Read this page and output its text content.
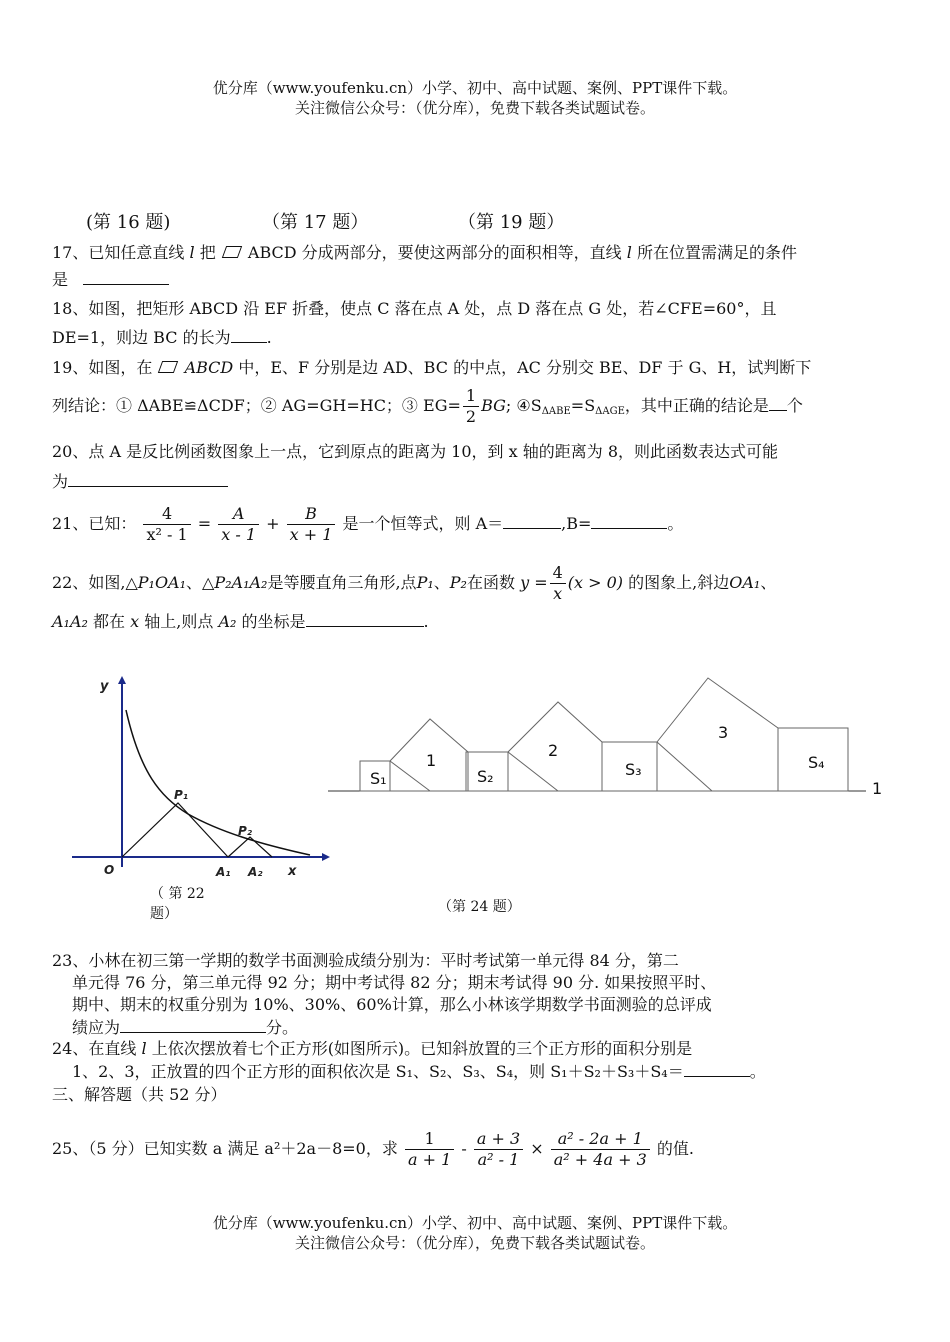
优分库（www.youfenku.cn）小学、初中、高中试题、案例、PPT课件下载。
关注微信公众号：（优分库），免费下载各类试题试卷。
(第 16 题)	（第 17 题）	（第 19 题）
17、已知任意直线 l 把 ABCD 分成两部分，要使这两部分的面积相等，直线 l 所在位置需满足的条件
是
18、如图，把矩形 ABCD 沿 EF 折叠，使点 C 落在点 A 处，点 D 落在点 G 处，若∠CFE=60°，且
DE=1，则边 BC 的长为 .
19、如图，在 ABCD 中，E、F 分别是边 AD、BC 的中点，AC 分别交 BE、DF 于 G、H，试判断下
列结论：① ΔABE≌ΔCDF；② AG=GH=HC；③ $EG= \frac{1}{2}$ BG; $④S_{\Delta ABE}=S_{\Delta AGE}$，其中正确的结论是 个
20、点 A 是反比例函数图象上一点，它到原点的距离为 10，到 x 轴的距离为 8，则此函数表达式可能
为
21、已知： $\frac{4}{\text{x² - 1}} = \frac{A}{x - 1} + \frac{B}{x + 1}$ 是一个恒等式，则 A＝	,B=	。
22、如图,△P₁OA₁、△P₂A₁A₂是等腰直角三角形,点P₁、P₂在函数 $y = \frac{4}{x} (x > 0)$ 的图象上,斜边OA₁、
A₁A₂ 都在 x 轴上,则点 A₂ 的坐标是	.
y
x
O
P₁
P₂
A₁ A₂
（ 第 22
题）
S₁
1
S₂
2
S₃
3
S₄
1
（第 24 题）
23、小林在初三第一学期的数学书面测验成绩分别为：平时考试第一单元得 84 分，第二
单元得 76 分，第三单元得 92 分；期中考试得 82 分；期末考试得 90 分. 如果按照平时、
期中、期末的权重分别为 10%、30%、60%计算，那么小林该学期数学书面测验的总评成
绩应为	分。
24、在直线 l 上依次摆放着七个正方形(如图所示)。已知斜放置的三个正方形的面积分别是
1、2、3，正放置的四个正方形的面积依次是 S₁、S₂、S₃、S₄，则 S₁＋S₂＋S₃＋S₄＝	。
三、解答题（共 52 分）
25、（5 分）已知实数 a 满足 a²＋2a－8=0，求 $\frac{1}{a + 1} - \frac{a + 3}{\text{a² - 1}} \times \frac{\text{a² - 2a + 1}}{\text{a² + 4a + 3}}$ 的值.
优分库（www.youfenku.cn）小学、初中、高中试题、案例、PPT课件下载。
关注微信公众号：（优分库），免费下载各类试题试卷。
